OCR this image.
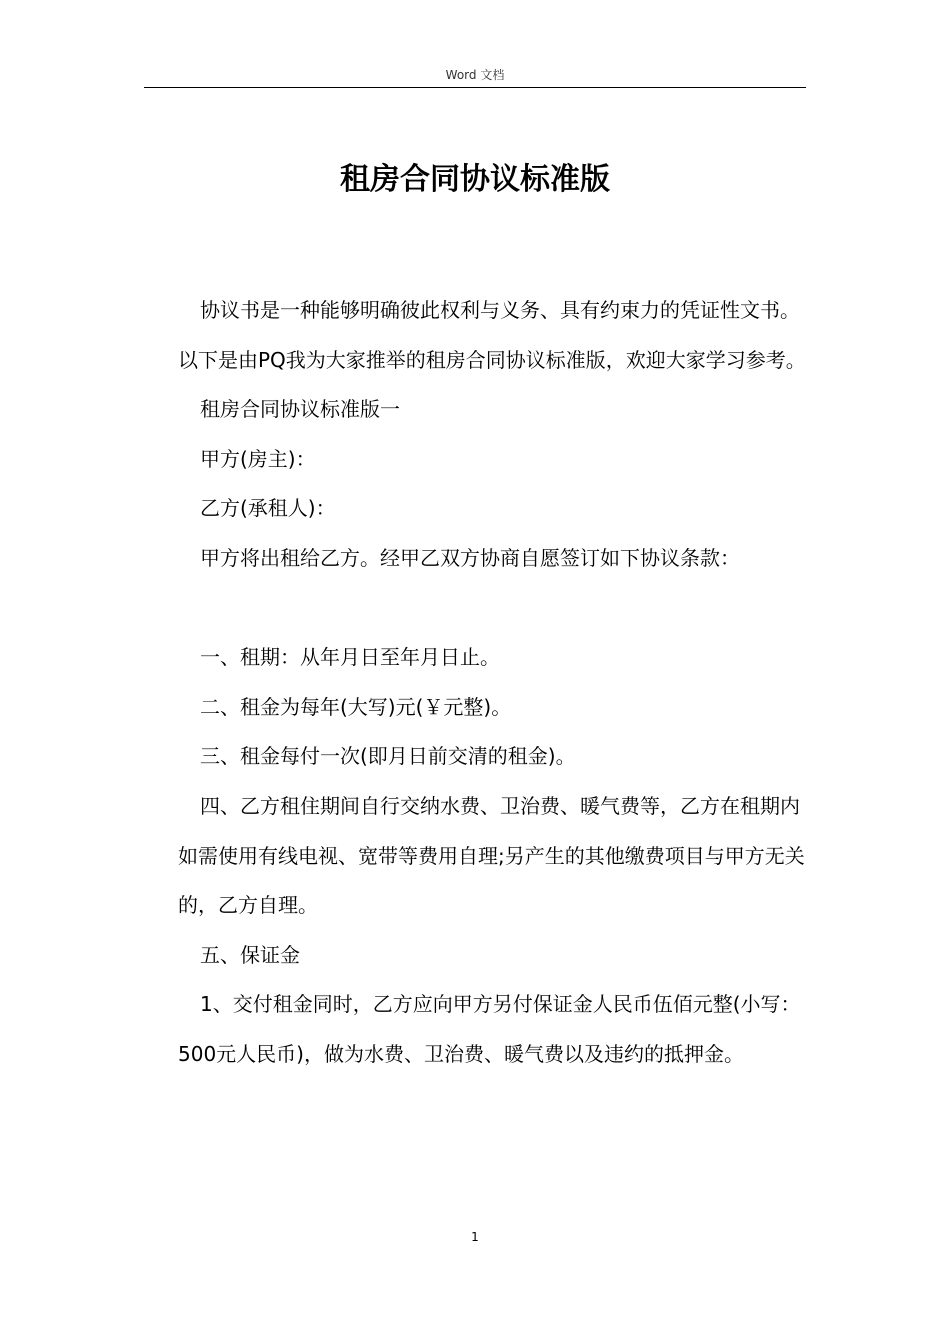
Word 文档
租房合同协议标准版

协议书是一种能够明确彼此权利与义务、具有约束力的凭证性文书。以下是由PQ我为大家推举的租房合同协议标准版，欢迎大家学习参考。

租房合同协议标准版一

甲方(房主)：

乙方(承租人)：

甲方将出租给乙方。经甲乙双方协商自愿签订如下协议条款：

一、租期：从年月日至年月日止。

二、租金为每年(大写)元(￥元整)。

三、租金每付一次(即月日前交清的租金)。

四、乙方租住期间自行交纳水费、卫治费、暖气费等，乙方在租期内如需使用有线电视、宽带等费用自理;另产生的其他缴费项目与甲方无关的，乙方自理。

五、保证金

1、交付租金同时，乙方应向甲方另付保证金人民币伍佰元整(小写：500元人民币)，做为水费、卫治费、暖气费以及违约的抵押金。

1
